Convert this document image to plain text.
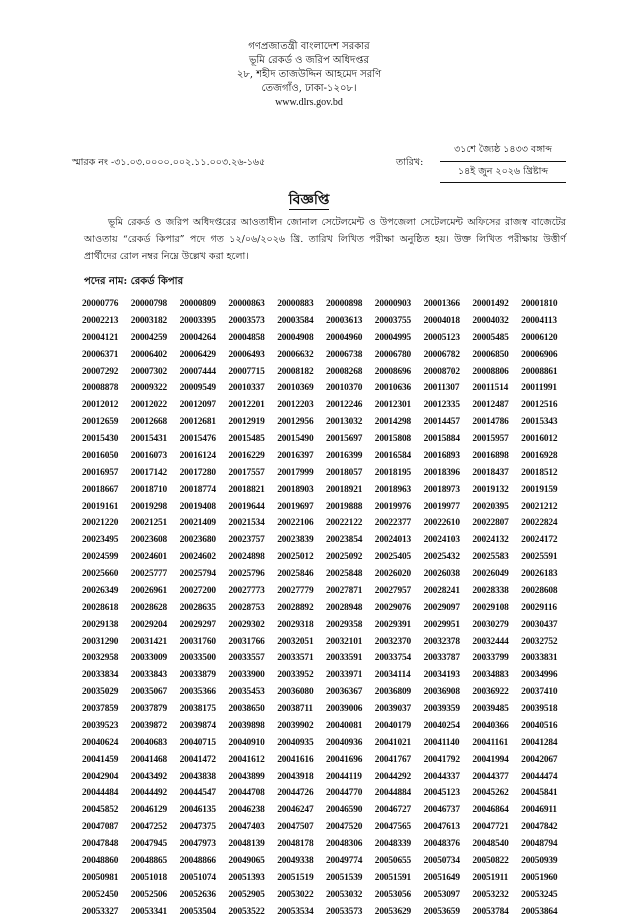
গণপ্রজাতন্ত্রী বাংলাদেশ সরকার
ভূমি রেকর্ড ও জরিপ অধিদপ্তর
২৮, শহীদ তাজউদ্দিন আহমেদ সরণি
তেজগাঁও, ঢাকা-১২০৮।
www.dlrs.gov.bd
স্মারক নং -৩১.০৩.০০০০.০০২.১১.০০৩.২৬-১৬৫	তারিখ:
৩১শে জ্যৈষ্ঠ ১৪৩৩ বঙ্গাব্দ
১৪ই জুন ২০২৬ খ্রিষ্টাব্দ
বিজ্ঞপ্তি
ভূমি রেকর্ড ও জরিপ অধিদপ্তরের আওতাধীন জোনাল সেটেলমেন্ট ও উপজেলা সেটেলমেন্ট অফিসের রাজস্ব বাজেটের আওতায় “রেকর্ড কিপার” পদে গত ১২/০৬/২০২৬ খ্রি. তারিখ লিখিত পরীক্ষা অনুষ্ঠিত হয়। উক্ত লিখিত পরীক্ষায় উত্তীর্ণ প্রার্থীদের রোল নম্বর নিম্নে উল্লেখ করা হলো।
পদের নাম: রেকর্ড কিপার
20000776	20000798	20000809	20000863	20000883	20000898	20000903	20001366	20001492	20001810
20002213	20003182	20003395	20003573	20003584	20003613	20003755	20004018	20004032	20004113
20004121	20004259	20004264	20004858	20004908	20004960	20004995	20005123	20005485	20006120
20006371	20006402	20006429	20006493	20006632	20006738	20006780	20006782	20006850	20006906
20007292	20007302	20007444	20007715	20008182	20008268	20008696	20008702	20008806	20008861
20008878	20009322	20009549	20010337	20010369	20010370	20010636	20011307	20011514	20011991
20012012	20012022	20012097	20012201	20012203	20012246	20012301	20012335	20012487	20012516
20012659	20012668	20012681	20012919	20012956	20013032	20014298	20014457	20014786	20015343
20015430	20015431	20015476	20015485	20015490	20015697	20015808	20015884	20015957	20016012
20016050	20016073	20016124	20016229	20016397	20016399	20016584	20016893	20016898	20016928
20016957	20017142	20017280	20017557	20017999	20018057	20018195	20018396	20018437	20018512
20018667	20018710	20018774	20018821	20018903	20018921	20018963	20018973	20019132	20019159
20019161	20019298	20019408	20019644	20019697	20019888	20019976	20019977	20020395	20021212
20021220	20021251	20021409	20021534	20022106	20022122	20022377	20022610	20022807	20022824
20023495	20023608	20023680	20023757	20023839	20023854	20024013	20024103	20024132	20024172
20024599	20024601	20024602	20024898	20025012	20025092	20025405	20025432	20025583	20025591
20025660	20025777	20025794	20025796	20025846	20025848	20026020	20026038	20026049	20026183
20026349	20026961	20027200	20027773	20027779	20027871	20027957	20028241	20028338	20028608
20028618	20028628	20028635	20028753	20028892	20028948	20029076	20029097	20029108	20029116
20029138	20029204	20029297	20029302	20029318	20029358	20029391	20029951	20030279	20030437
20031290	20031421	20031760	20031766	20032051	20032101	20032370	20032378	20032444	20032752
20032958	20033009	20033500	20033557	20033571	20033591	20033754	20033787	20033799	20033831
20033834	20033843	20033879	20033900	20033952	20033971	20034114	20034193	20034883	20034996
20035029	20035067	20035366	20035453	20036080	20036367	20036809	20036908	20036922	20037410
20037859	20037879	20038175	20038650	20038711	20039006	20039037	20039359	20039485	20039518
20039523	20039872	20039874	20039898	20039902	20040081	20040179	20040254	20040366	20040516
20040624	20040683	20040715	20040910	20040935	20040936	20041021	20041140	20041161	20041284
20041459	20041468	20041472	20041612	20041616	20041696	20041767	20041792	20041994	20042067
20042904	20043492	20043838	20043899	20043918	20044119	20044292	20044337	20044377	20044474
20044484	20044492	20044547	20044708	20044726	20044770	20044884	20045123	20045262	20045841
20045852	20046129	20046135	20046238	20046247	20046590	20046727	20046737	20046864	20046911
20047087	20047252	20047375	20047403	20047507	20047520	20047565	20047613	20047721	20047842
20047848	20047945	20047973	20048139	20048178	20048306	20048339	20048376	20048540	20048794
20048860	20048865	20048866	20049065	20049338	20049774	20050655	20050734	20050822	20050939
20050981	20051018	20051074	20051393	20051519	20051539	20051591	20051649	20051911	20051960
20052450	20052506	20052636	20052905	20053022	20053032	20053056	20053097	20053232	20053245
20053327	20053341	20053504	20053522	20053534	20053573	20053629	20053659	20053784	20053864
